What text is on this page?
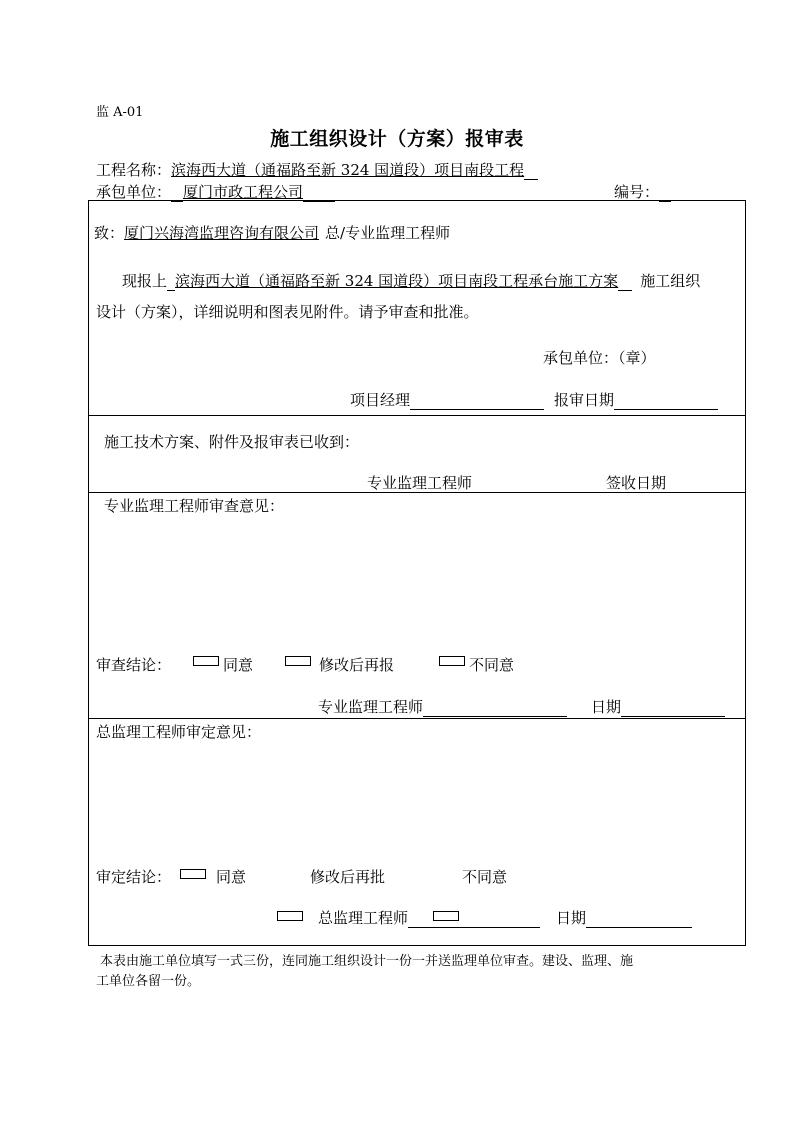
监 A-01
施工组织设计（方案）报审表
工程名称：滨海西大道（通福路至新 324 国道段）项目南段工程
承包单位： 厦门市政工程公司	编号：
致：厦门兴海湾监理咨询有限公司 总/专业监理工程师
现报上 滨海西大道（通福路至新 324 国道段）项目南段工程承台施工方案 施工组织
设计（方案），详细说明和图表见附件。请予审查和批准。
承包单位：（章）
项目经理	报审日期
施工技术方案、附件及报审表已收到：
专业监理工程师	签收日期
专业监理工程师审查意见：
审查结论：	同意	修改后再报	不同意
专业监理工程师	日期
总监理工程师审定意见：
审定结论：	同意	修改后再批	不同意
总监理工程师	日期
本表由施工单位填写一式三份，连同施工组织设计一份一并送监理单位审查。建设、监理、施
工单位各留一份。
